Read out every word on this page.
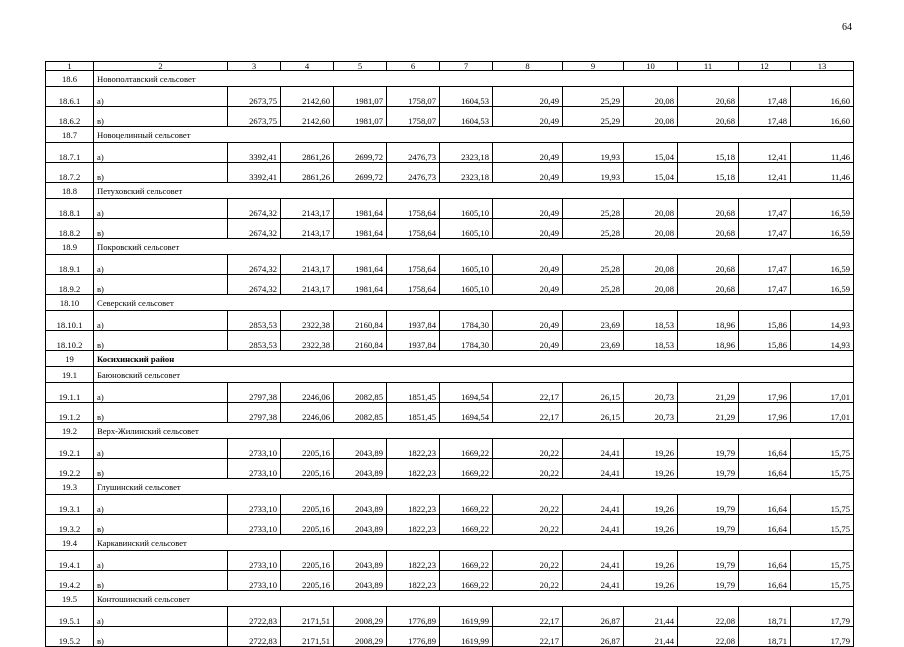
64
1	2	3	4	5	6	7	8	9	10	11	12	13
18.6	Новополтавский сельсовет											
18.6.1	а)	2673,75	2142,60	1981,07	1758,07	1604,53	20,49	25,29	20,08	20,68	17,48	16,60
18.6.2	в)	2673,75	2142,60	1981,07	1758,07	1604,53	20,49	25,29	20,08	20,68	17,48	16,60
18.7	Новоцелинный сельсовет											
18.7.1	а)	3392,41	2861,26	2699,72	2476,73	2323,18	20,49	19,93	15,04	15,18	12,41	11,46
18.7.2	в)	3392,41	2861,26	2699,72	2476,73	2323,18	20,49	19,93	15,04	15,18	12,41	11,46
18.8	Петуховский сельсовет											
18.8.1	а)	2674,32	2143,17	1981,64	1758,64	1605,10	20,49	25,28	20,08	20,68	17,47	16,59
18.8.2	в)	2674,32	2143,17	1981,64	1758,64	1605,10	20,49	25,28	20,08	20,68	17,47	16,59
18.9	Покровский сельсовет											
18.9.1	а)	2674,32	2143,17	1981,64	1758,64	1605,10	20,49	25,28	20,08	20,68	17,47	16,59
18.9.2	в)	2674,32	2143,17	1981,64	1758,64	1605,10	20,49	25,28	20,08	20,68	17,47	16,59
18.10	Северский сельсовет											
18.10.1	а)	2853,53	2322,38	2160,84	1937,84	1784,30	20,49	23,69	18,53	18,96	15,86	14,93
18.10.2	в)	2853,53	2322,38	2160,84	1937,84	1784,30	20,49	23,69	18,53	18,96	15,86	14,93
19	Косихинский район											
19.1	Баюновский сельсовет											
19.1.1	а)	2797,38	2246,06	2082,85	1851,45	1694,54	22,17	26,15	20,73	21,29	17,96	17,01
19.1.2	в)	2797,38	2246,06	2082,85	1851,45	1694,54	22,17	26,15	20,73	21,29	17,96	17,01
19.2	Верх-Жилинский сельсовет											
19.2.1	а)	2733,10	2205,16	2043,89	1822,23	1669,22	20,22	24,41	19,26	19,79	16,64	15,75
19.2.2	в)	2733,10	2205,16	2043,89	1822,23	1669,22	20,22	24,41	19,26	19,79	16,64	15,75
19.3	Глушинский сельсовет											
19.3.1	а)	2733,10	2205,16	2043,89	1822,23	1669,22	20,22	24,41	19,26	19,79	16,64	15,75
19.3.2	в)	2733,10	2205,16	2043,89	1822,23	1669,22	20,22	24,41	19,26	19,79	16,64	15,75
19.4	Каркавинский сельсовет											
19.4.1	а)	2733,10	2205,16	2043,89	1822,23	1669,22	20,22	24,41	19,26	19,79	16,64	15,75
19.4.2	в)	2733,10	2205,16	2043,89	1822,23	1669,22	20,22	24,41	19,26	19,79	16,64	15,75
19.5	Контошинский сельсовет											
19.5.1	а)	2722,83	2171,51	2008,29	1776,89	1619,99	22,17	26,87	21,44	22,08	18,71	17,79
19.5.2	в)	2722,83	2171,51	2008,29	1776,89	1619,99	22,17	26,87	21,44	22,08	18,71	17,79
